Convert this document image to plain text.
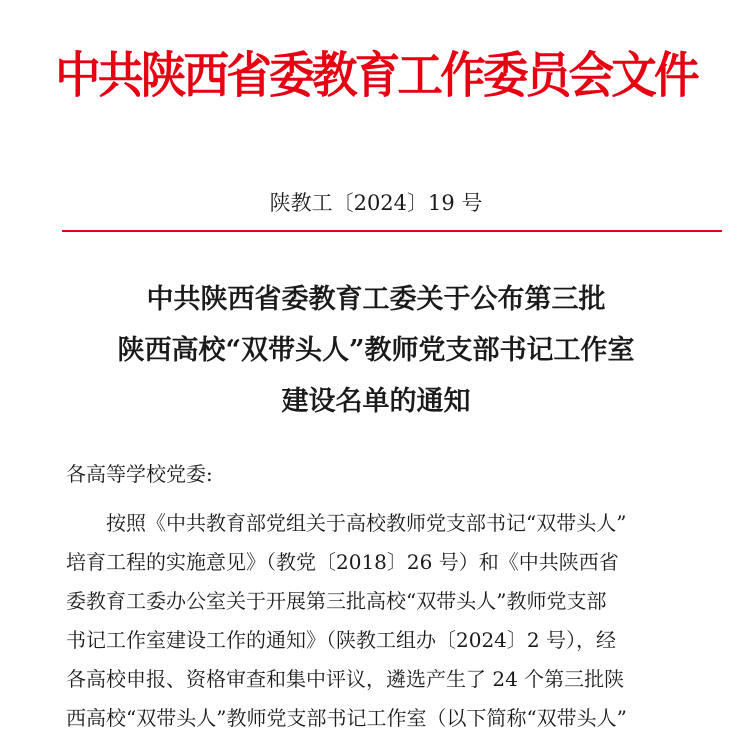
中共陕西省委教育工作委员会文件
陕教工〔2024〕19 号
中共陕西省委教育工委关于公布第三批
陕西高校“双带头人”教师党支部书记工作室
建设名单的通知
各高等学校党委:
按照《中共教育部党组关于高校教师党支部书记“双带头人”
培育工程的实施意见》（教党〔2018〕26 号）和《中共陕西省
委教育工委办公室关于开展第三批高校“双带头人”教师党支部
书记工作室建设工作的通知》（陕教工组办〔2024〕2 号），经
各高校申报、资格审查和集中评议，遴选产生了 24 个第三批陕
西高校“双带头人”教师党支部书记工作室（以下简称“双带头人”
